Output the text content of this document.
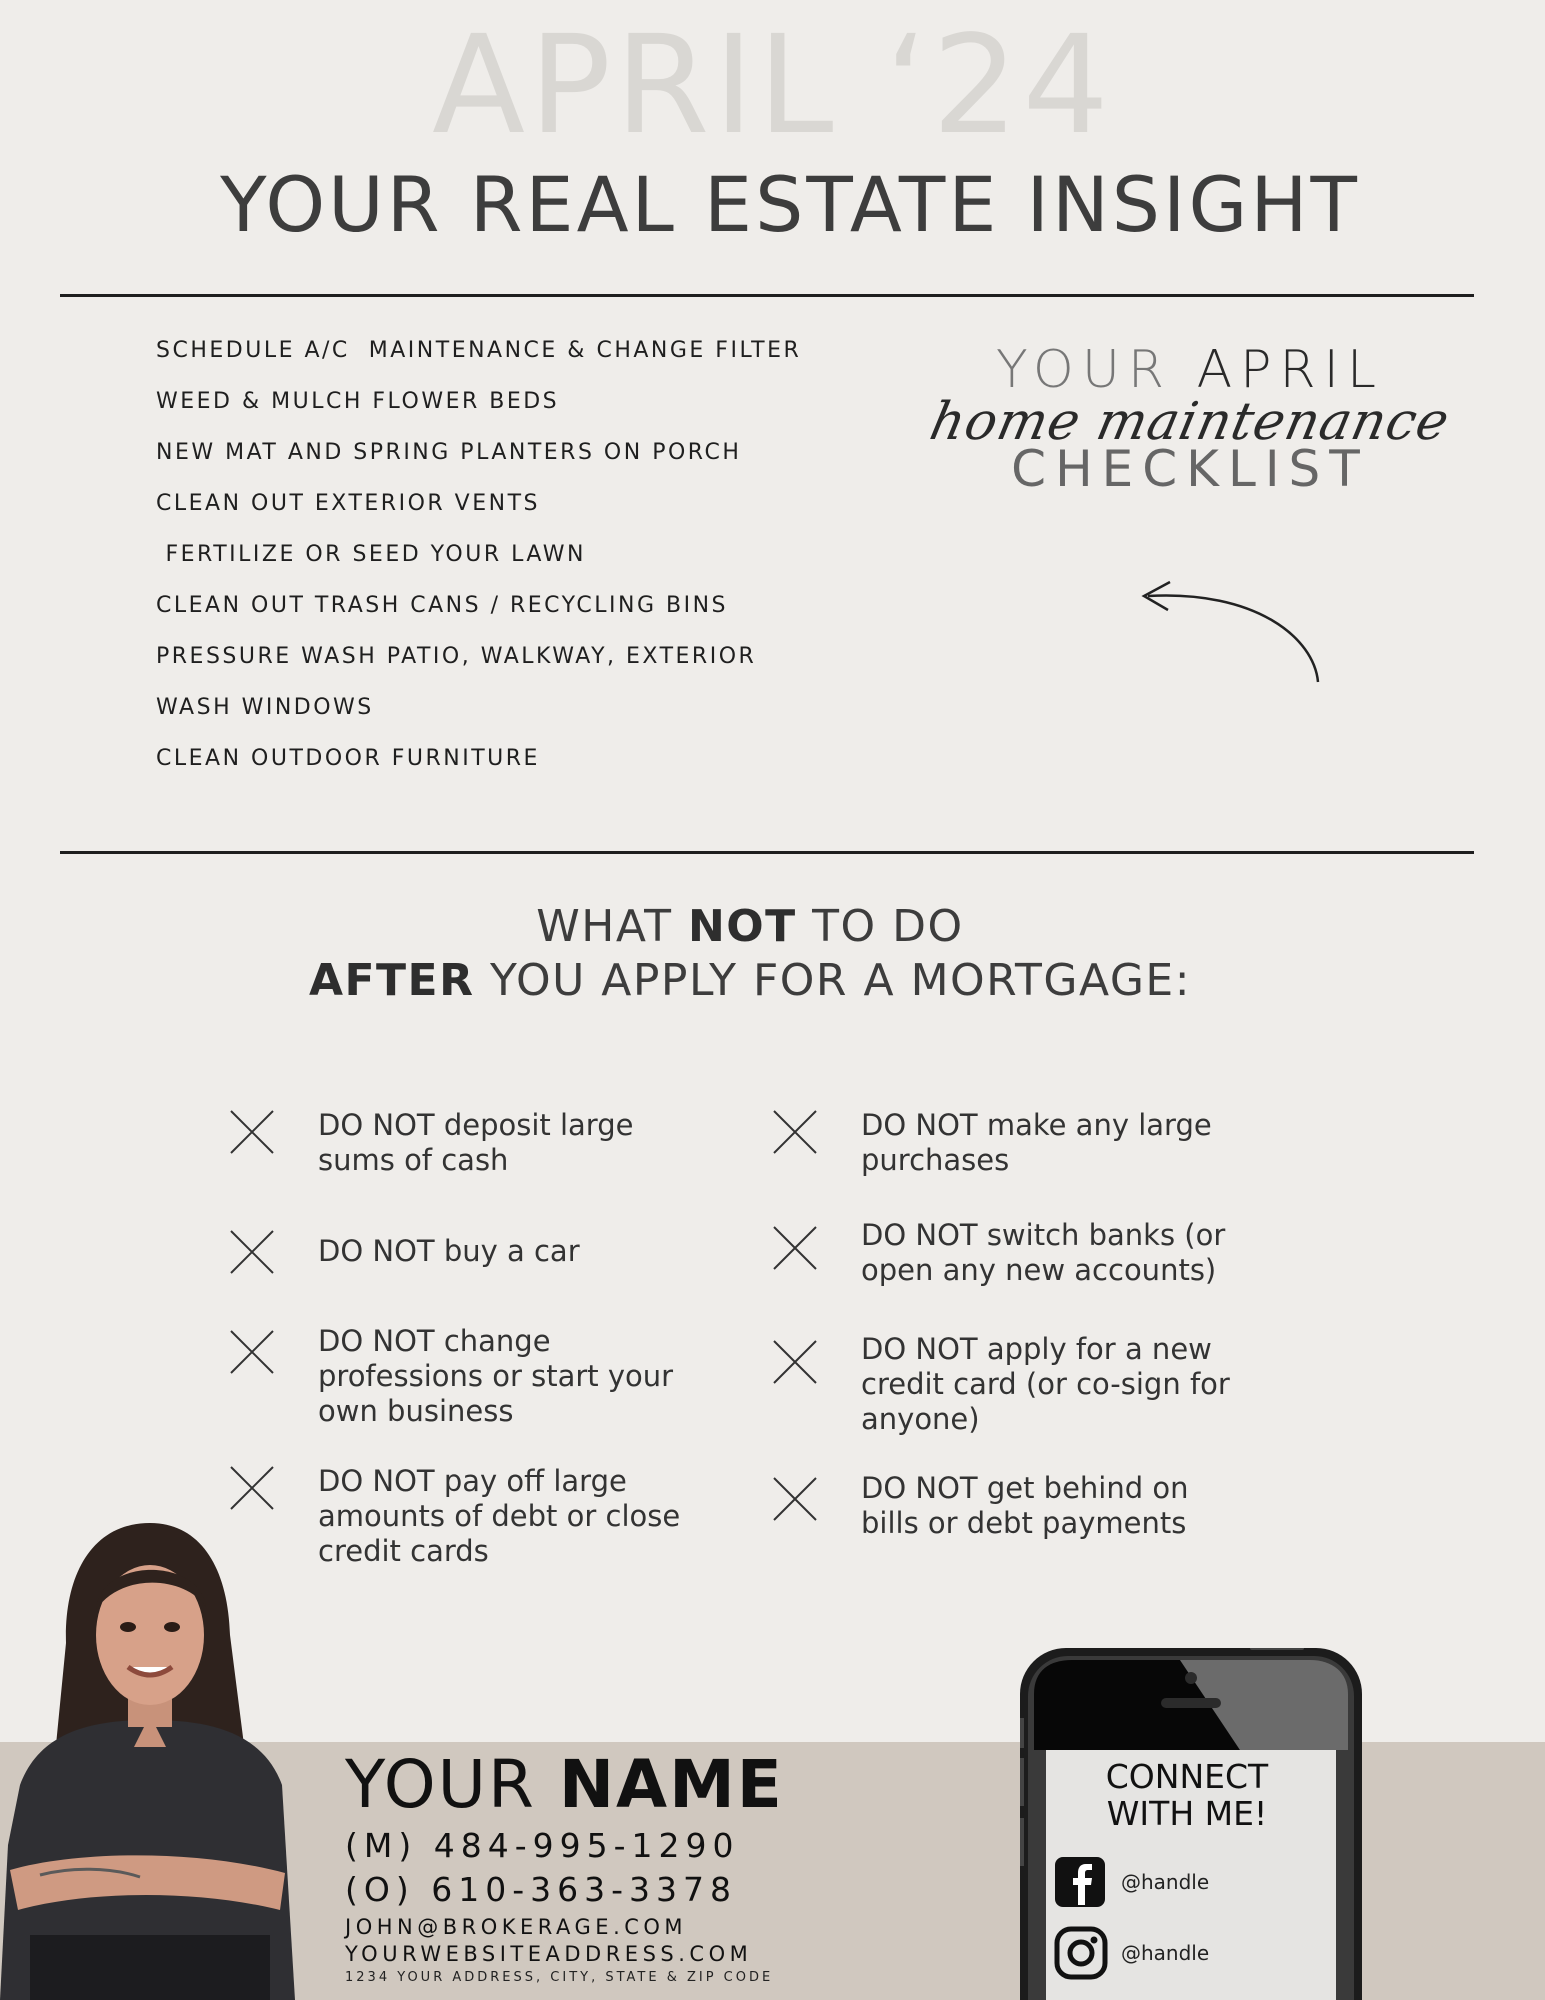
APRIL ‘24
YOUR REAL ESTATE INSIGHT
SCHEDULE A/C  MAINTENANCE & CHANGE FILTER
WEED & MULCH FLOWER BEDS
NEW MAT AND SPRING PLANTERS ON PORCH
CLEAN OUT EXTERIOR VENTS
FERTILIZE OR SEED YOUR LAWN
CLEAN OUT TRASH CANS / RECYCLING BINS
PRESSURE WASH PATIO, WALKWAY, EXTERIOR
WASH WINDOWS
CLEAN OUTDOOR FURNITURE
YOUR APRIL
home maintenance
CHECKLIST
WHAT NOT TO DO
AFTER YOU APPLY FOR A MORTGAGE:
DO NOT deposit large sums of cash
DO NOT buy a car
DO NOT change professions or start your own business
DO NOT pay off large amounts of debt or close credit cards
DO NOT make any large purchases
DO NOT switch banks (or open any new accounts)
DO NOT apply for a new credit card (or co-sign for anyone)
DO NOT get behind on bills or debt payments
YOUR NAME
(M) 484-995-1290
(O) 610-363-3378
JOHN@BROKERAGE.COM
YOURWEBSITEADDRESS.COM
1234 YOUR ADDRESS, CITY, STATE & ZIP CODE
CONNECT
WITH ME!
@handle
@handle
